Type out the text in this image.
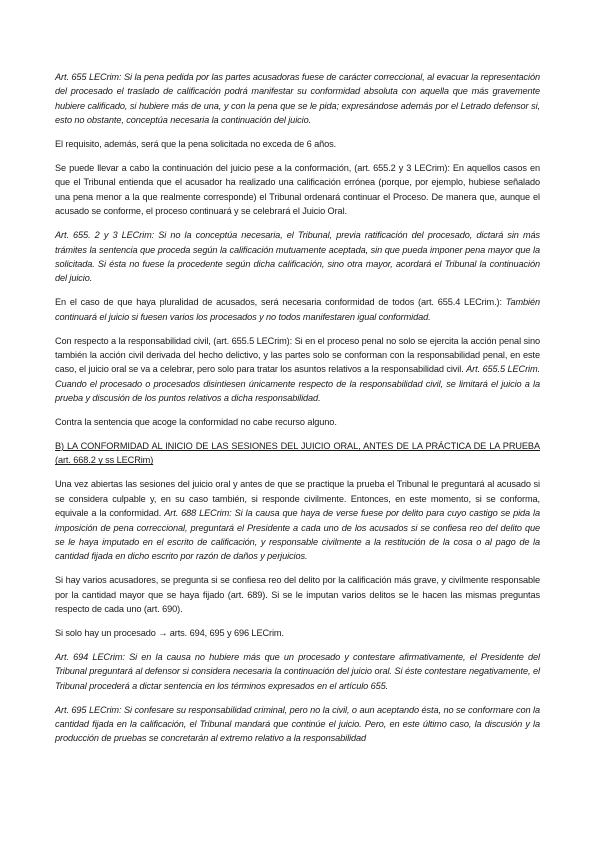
Art. 655 LECrim: Si la pena pedida por las partes acusadoras fuese de carácter correccional, al evacuar la representación del procesado el traslado de calificación podrá manifestar su conformidad absoluta con aquella que más gravemente hubiere calificado, si hubiere más de una, y con la pena que se le pida; expresándose además por el Letrado defensor si, esto no obstante, conceptúa necesaria la continuación del juicio.

El requisito, además, será que la pena solicitada no exceda de 6 años.

Se puede llevar a cabo la continuación del juicio pese a la conformación, (art. 655.2 y 3 LECrim): En aquellos casos en que el Tribunal entienda que el acusador ha realizado una calificación errónea (porque, por ejemplo, hubiese señalado una pena menor a la que realmente corresponde) el Tribunal ordenará continuar el Proceso. De manera que, aunque el acusado se conforme, el proceso continuará y se celebrará el Juicio Oral.

Art. 655. 2 y 3 LECrim: Si no la conceptúa necesaria, el Tribunal, previa ratificación del procesado, dictará sin más trámites la sentencia que proceda según la calificación mutuamente aceptada, sin que pueda imponer pena mayor que la solicitada. Si ésta no fuese la procedente según dicha calificación, sino otra mayor, acordará el Tribunal la continuación del juicio.

En el caso de que haya pluralidad de acusados, será necesaria conformidad de todos (art. 655.4 LECrim.): También continuará el juicio si fuesen varios los procesados y no todos manifestaren igual conformidad.

Con respecto a la responsabilidad civil, (art. 655.5 LECrim): Si en el proceso penal no solo se ejercita la acción penal sino también la acción civil derivada del hecho delictivo, y las partes solo se conforman con la responsabilidad penal, en este caso, el juicio oral se va a celebrar, pero solo para tratar los asuntos relativos a la responsabilidad civil. Art. 655.5 LECrim. Cuando el procesado o procesados disintiesen únicamente respecto de la responsabilidad civil, se limitará el juicio a la prueba y discusión de los puntos relativos a dicha responsabilidad.

Contra la sentencia que acoge la conformidad no cabe recurso alguno.

B) LA CONFORMIDAD AL INICIO DE LAS SESIONES DEL JUICIO ORAL, ANTES DE LA PRÁCTICA DE LA PRUEBA (art. 668.2 y ss LECRim)

Una vez abiertas las sesiones del juicio oral y antes de que se practique la prueba el Tribunal le preguntará al acusado si se considera culpable y, en su caso también, si responde civilmente. Entonces, en este momento, si se conforma, equivale a la conformidad. Art. 688 LECrim: Si la causa que haya de verse fuese por delito para cuyo castigo se pida la imposición de pena correccional, preguntará el Presidente a cada uno de los acusados si se confiesa reo del delito que se le haya imputado en el escrito de calificación, y responsable civilmente a la restitución de la cosa o al pago de la cantidad fijada en dicho escrito por razón de daños y perjuicios.

Si hay varios acusadores, se pregunta si se confiesa reo del delito por la calificación más grave, y civilmente responsable por la cantidad mayor que se haya fijado (art. 689). Si se le imputan varios delitos se le hacen las mismas preguntas respecto de cada uno (art. 690).

Si solo hay un procesado → arts. 694, 695 y 696 LECrim.

Art. 694 LECrim: Si en la causa no hubiere más que un procesado y contestare afirmativamente, el Presidente del Tribunal preguntará al defensor si considera necesaria la continuación del juicio oral. Si éste contestare negativamente, el Tribunal procederá a dictar sentencia en los términos expresados en el artículo 655.

Art. 695 LECrim: Si confesare su responsabilidad criminal, pero no la civil, o aun aceptando ésta, no se conformare con la cantidad fijada en la calificación, el Tribunal mandará que continúe el juicio. Pero, en este último caso, la discusión y la producción de pruebas se concretarán al extremo relativo a la responsabilidad
